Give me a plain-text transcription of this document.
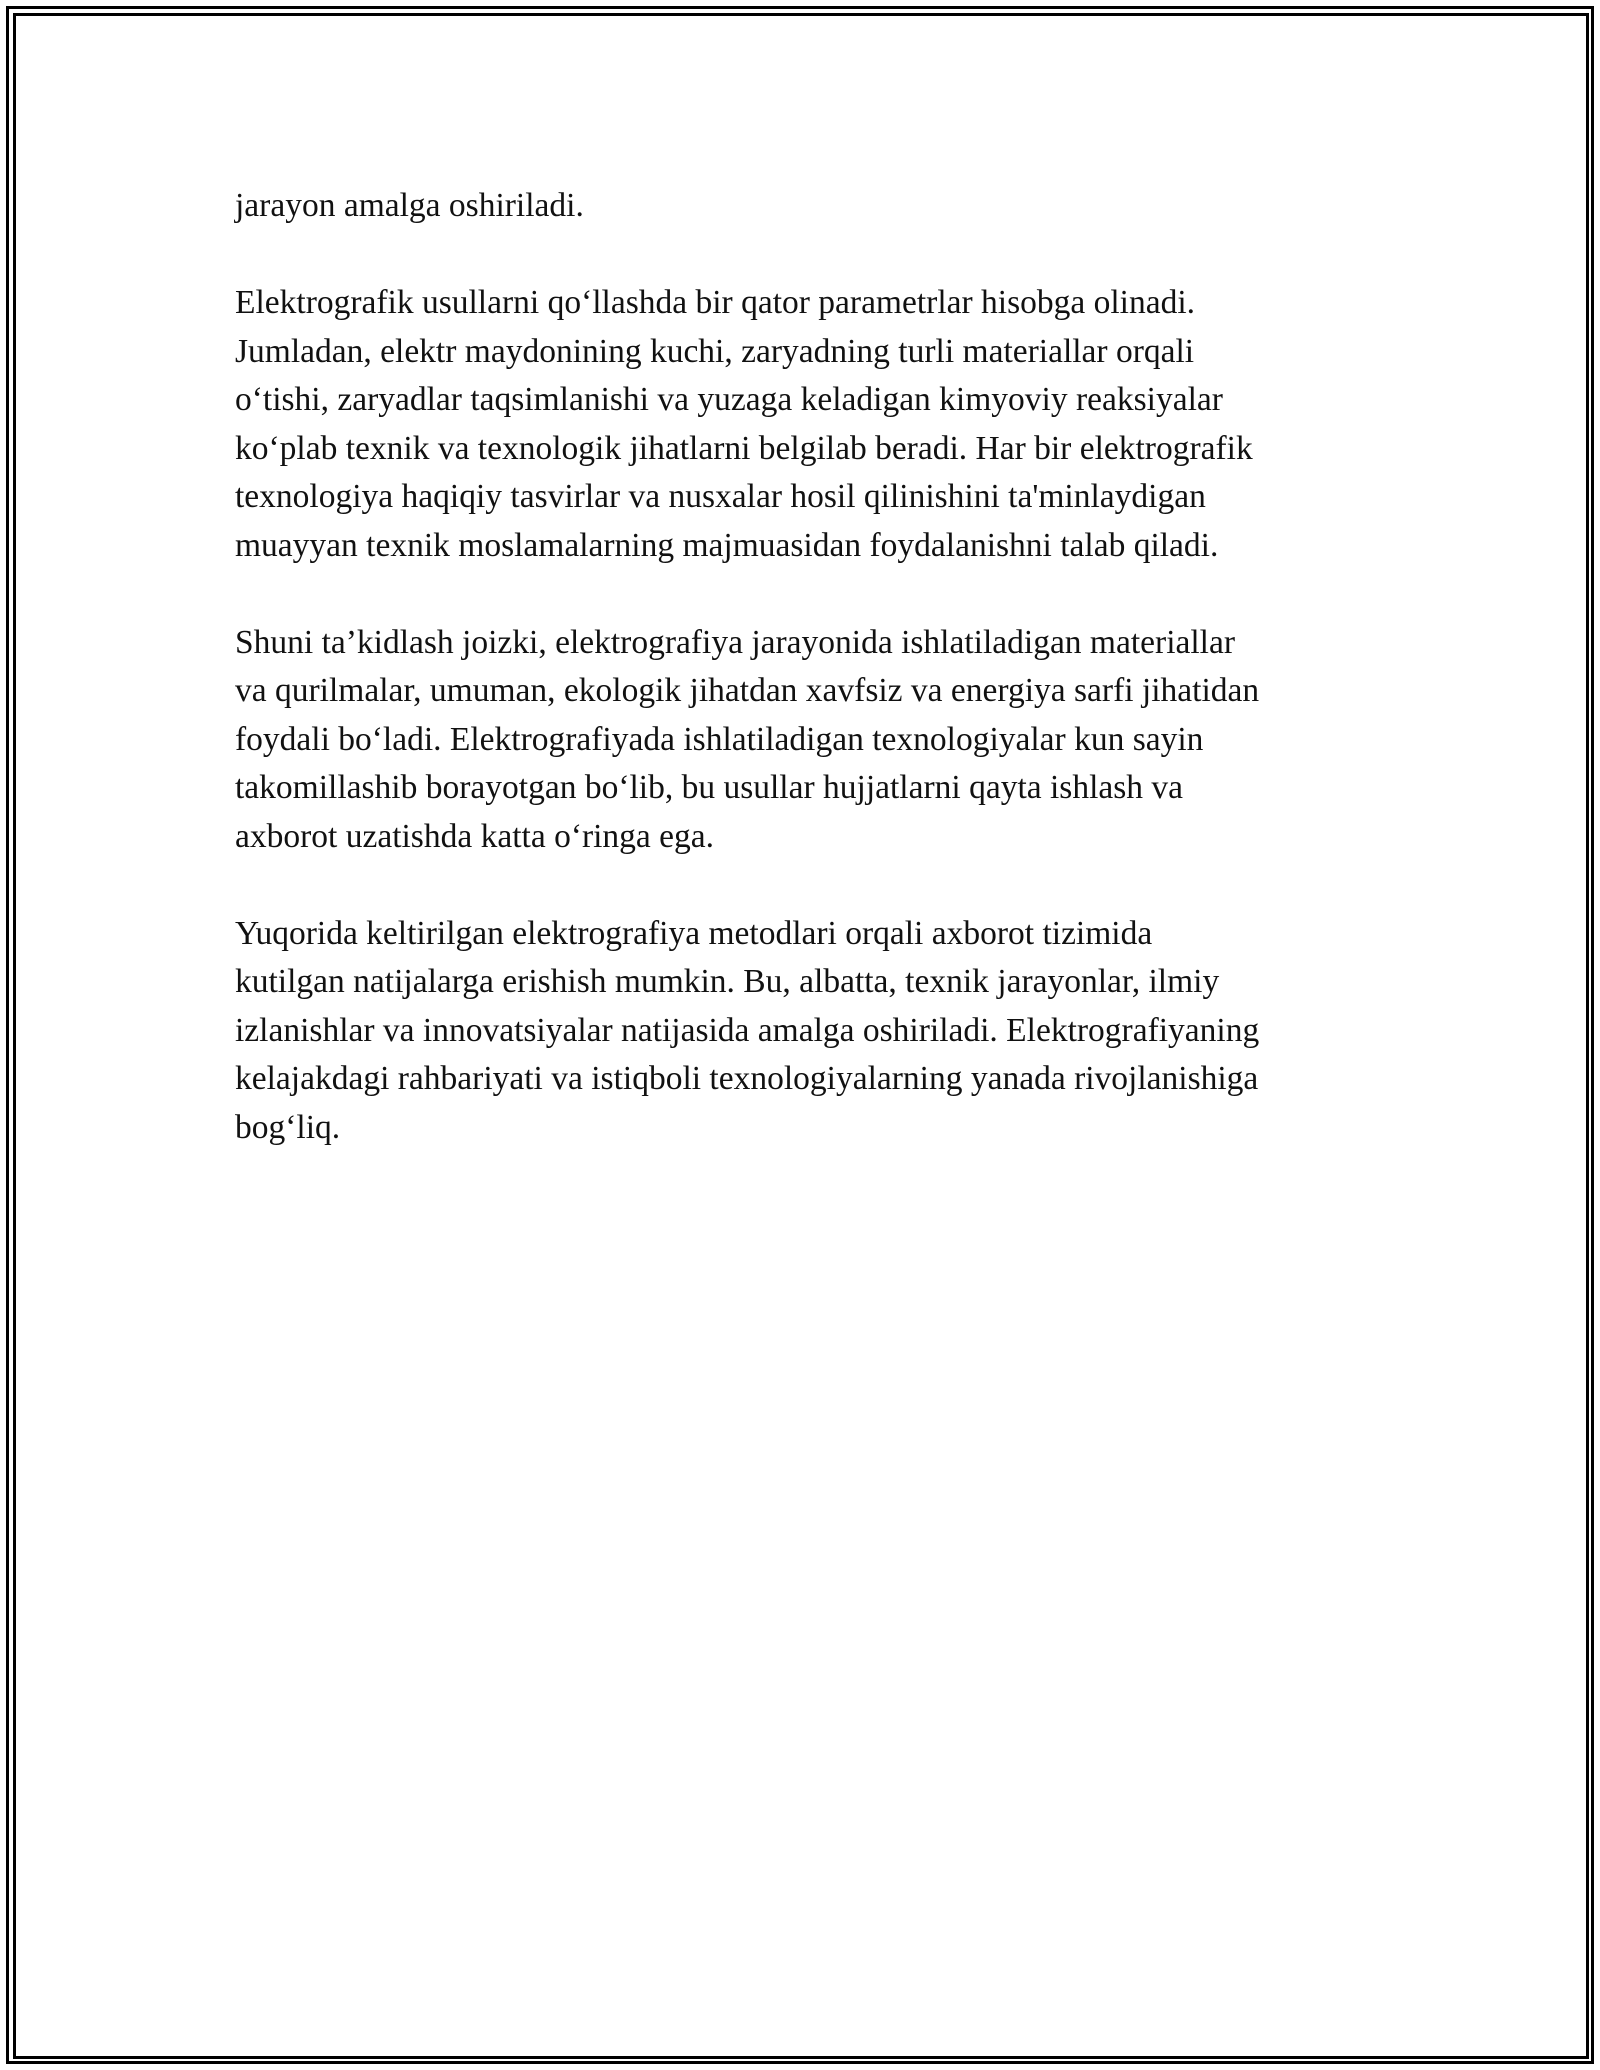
jarayon amalga oshiriladi.

Elektrografik usullarni qo‘llashda bir qator parametrlar hisobga olinadi.
Jumladan, elektr maydonining kuchi, zaryadning turli materiallar orqali
o‘tishi, zaryadlar taqsimlanishi va yuzaga keladigan kimyoviy reaksiyalar
ko‘plab texnik va texnologik jihatlarni belgilab beradi. Har bir elektrografik
texnologiya haqiqiy tasvirlar va nusxalar hosil qilinishini ta'minlaydigan
muayyan texnik moslamalarning majmuasidan foydalanishni talab qiladi.

Shuni ta’kidlash joizki, elektrografiya jarayonida ishlatiladigan materiallar
va qurilmalar, umuman, ekologik jihatdan xavfsiz va energiya sarfi jihatidan
foydali bo‘ladi. Elektrografiyada ishlatiladigan texnologiyalar kun sayin
takomillashib borayotgan bo‘lib, bu usullar hujjatlarni qayta ishlash va
axborot uzatishda katta o‘ringa ega.

Yuqorida keltirilgan elektrografiya metodlari orqali axborot tizimida
kutilgan natijalarga erishish mumkin. Bu, albatta, texnik jarayonlar, ilmiy
izlanishlar va innovatsiyalar natijasida amalga oshiriladi. Elektrografiyaning
kelajakdagi rahbariyati va istiqboli texnologiyalarning yanada rivojlanishiga
bog‘liq.
